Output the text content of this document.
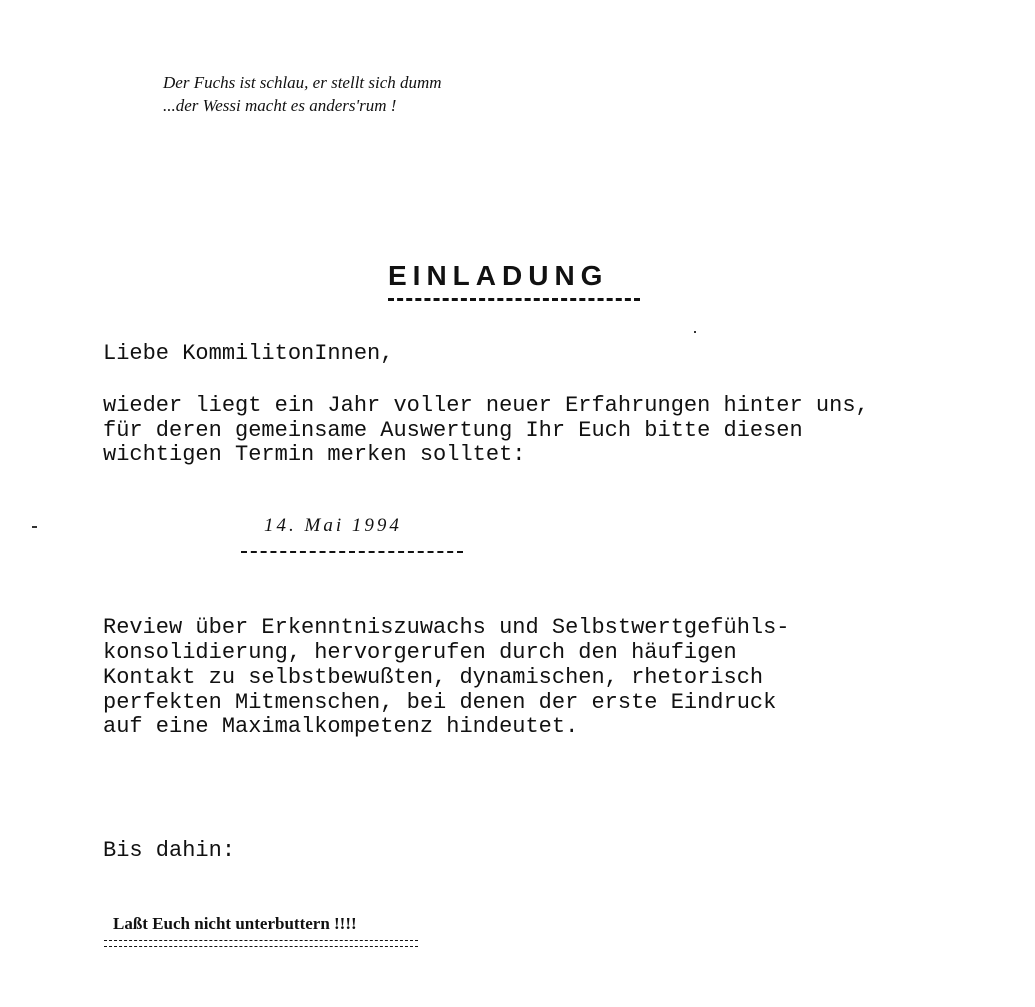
Der Fuchs ist schlau, er stellt sich dumm
...der Wessi macht es anders'rum !
EINLADUNG
Liebe KommilitonInnen,
wieder liegt ein Jahr voller neuer Erfahrungen hinter uns,
für deren gemeinsame Auswertung Ihr Euch bitte diesen
wichtigen Termin merken solltet:
14. Mai 1994
Review über Erkenntniszuwachs und Selbstwertgefühls-
konsolidierung, hervorgerufen durch den häufigen
Kontakt zu selbstbewußten, dynamischen, rhetorisch
perfekten Mitmenschen, bei denen der erste Eindruck
auf eine Maximalkompetenz hindeutet.
Bis dahin:
Laßt Euch nicht unterbuttern !!!!
